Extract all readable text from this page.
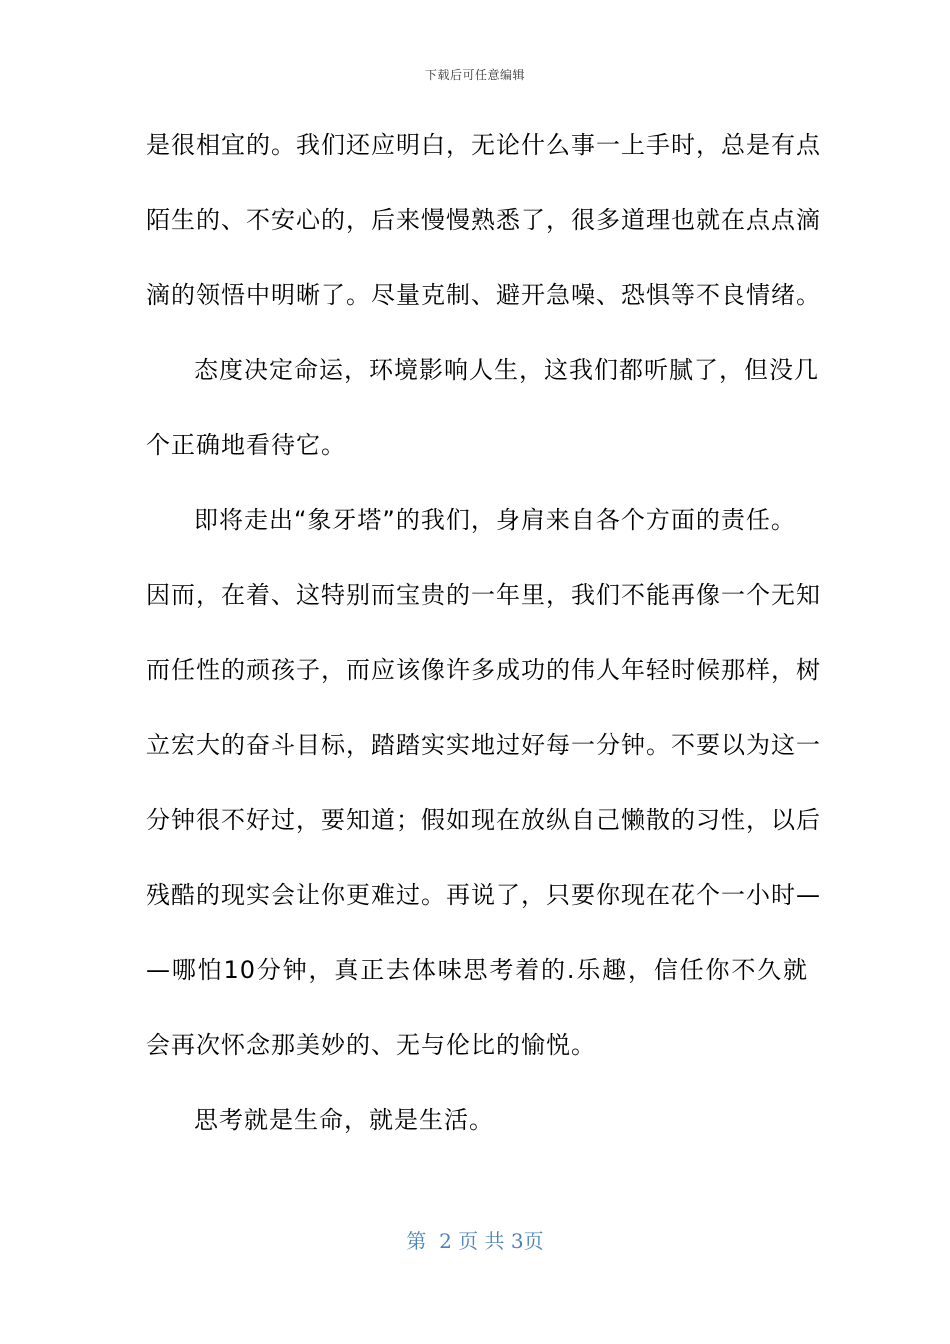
下载后可任意编辑
是很相宜的。我们还应明白，无论什么事一上手时，总是有点
陌生的、不安心的，后来慢慢熟悉了，很多道理也就在点点滴
滴的领悟中明晰了。尽量克制、避开急噪、恐惧等不良情绪。
态度决定命运，环境影响人生，这我们都听腻了，但没几
个正确地看待它。
即将走出“象牙塔”的我们，身肩来自各个方面的责任。
因而，在着、这特别而宝贵的一年里，我们不能再像一个无知
而任性的顽孩子，而应该像许多成功的伟人年轻时候那样，树
立宏大的奋斗目标，踏踏实实地过好每一分钟。不要以为这一
分钟很不好过，要知道；假如现在放纵自己懒散的习性，以后
残酷的现实会让你更难过。再说了，只要你现在花个一小时—
—哪怕10分钟，真正去体味思考着的.乐趣，信任你不久就
会再次怀念那美妙的、无与伦比的愉悦。
思考就是生命，就是生活。
第  2 页 共 3页
